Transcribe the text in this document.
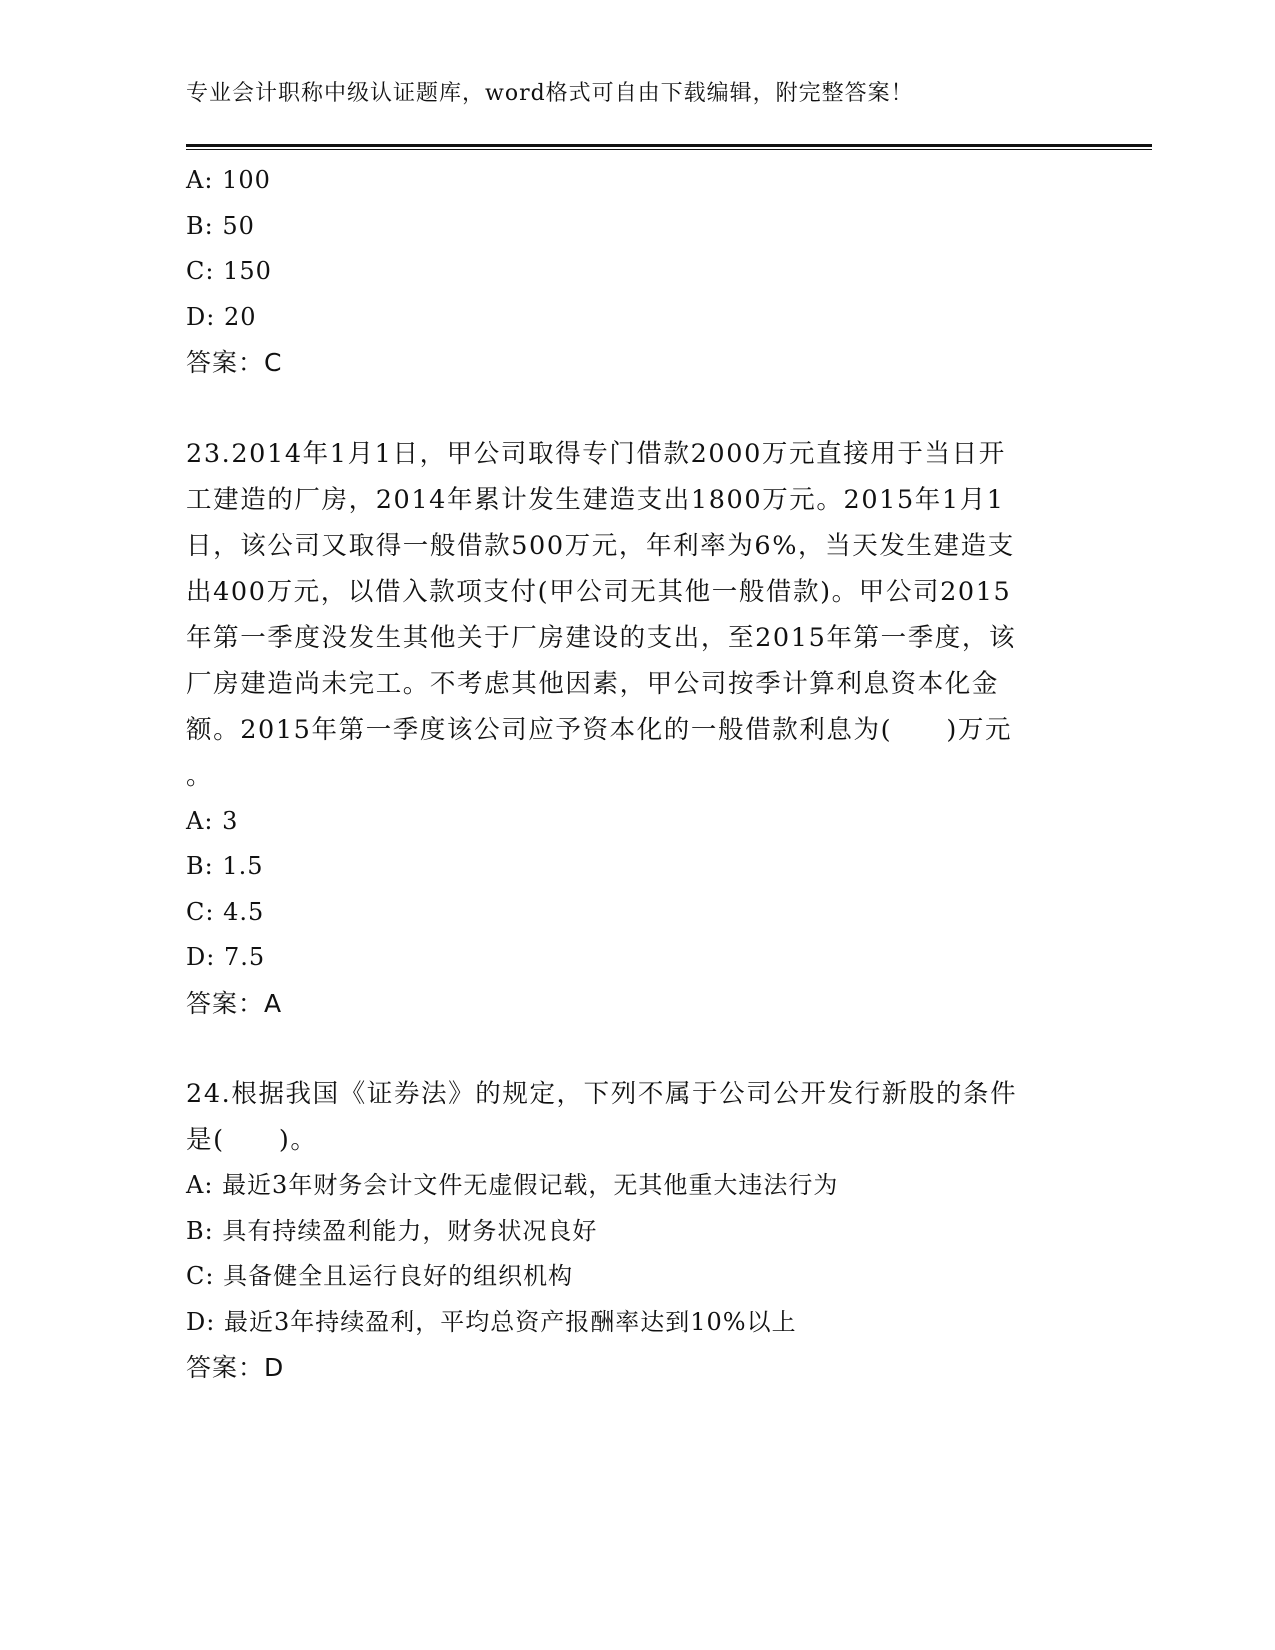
专业会计职称中级认证题库，word格式可自由下载编辑，附完整答案！
A: 100
B: 50
C: 150
D: 20
答案：C
23.2014年1月1日，甲公司取得专门借款2000万元直接用于当日开
工建造的厂房，2014年累计发生建造支出1800万元。2015年1月1
日，该公司又取得一般借款500万元，年利率为6%，当天发生建造支
出400万元，以借入款项支付(甲公司无其他一般借款)。甲公司2015
年第一季度没发生其他关于厂房建设的支出，至2015年第一季度，该
厂房建造尚未完工。不考虑其他因素，甲公司按季计算利息资本化金
额。2015年第一季度该公司应予资本化的一般借款利息为(　　)万元
。
A: 3
B: 1.5
C: 4.5
D: 7.5
答案：A
24.根据我国《证券法》的规定，下列不属于公司公开发行新股的条件
是(　　)。
A: 最近3年财务会计文件无虚假记载，无其他重大违法行为
B: 具有持续盈利能力，财务状况良好
C: 具备健全且运行良好的组织机构
D: 最近3年持续盈利，平均总资产报酬率达到10%以上
答案：D
